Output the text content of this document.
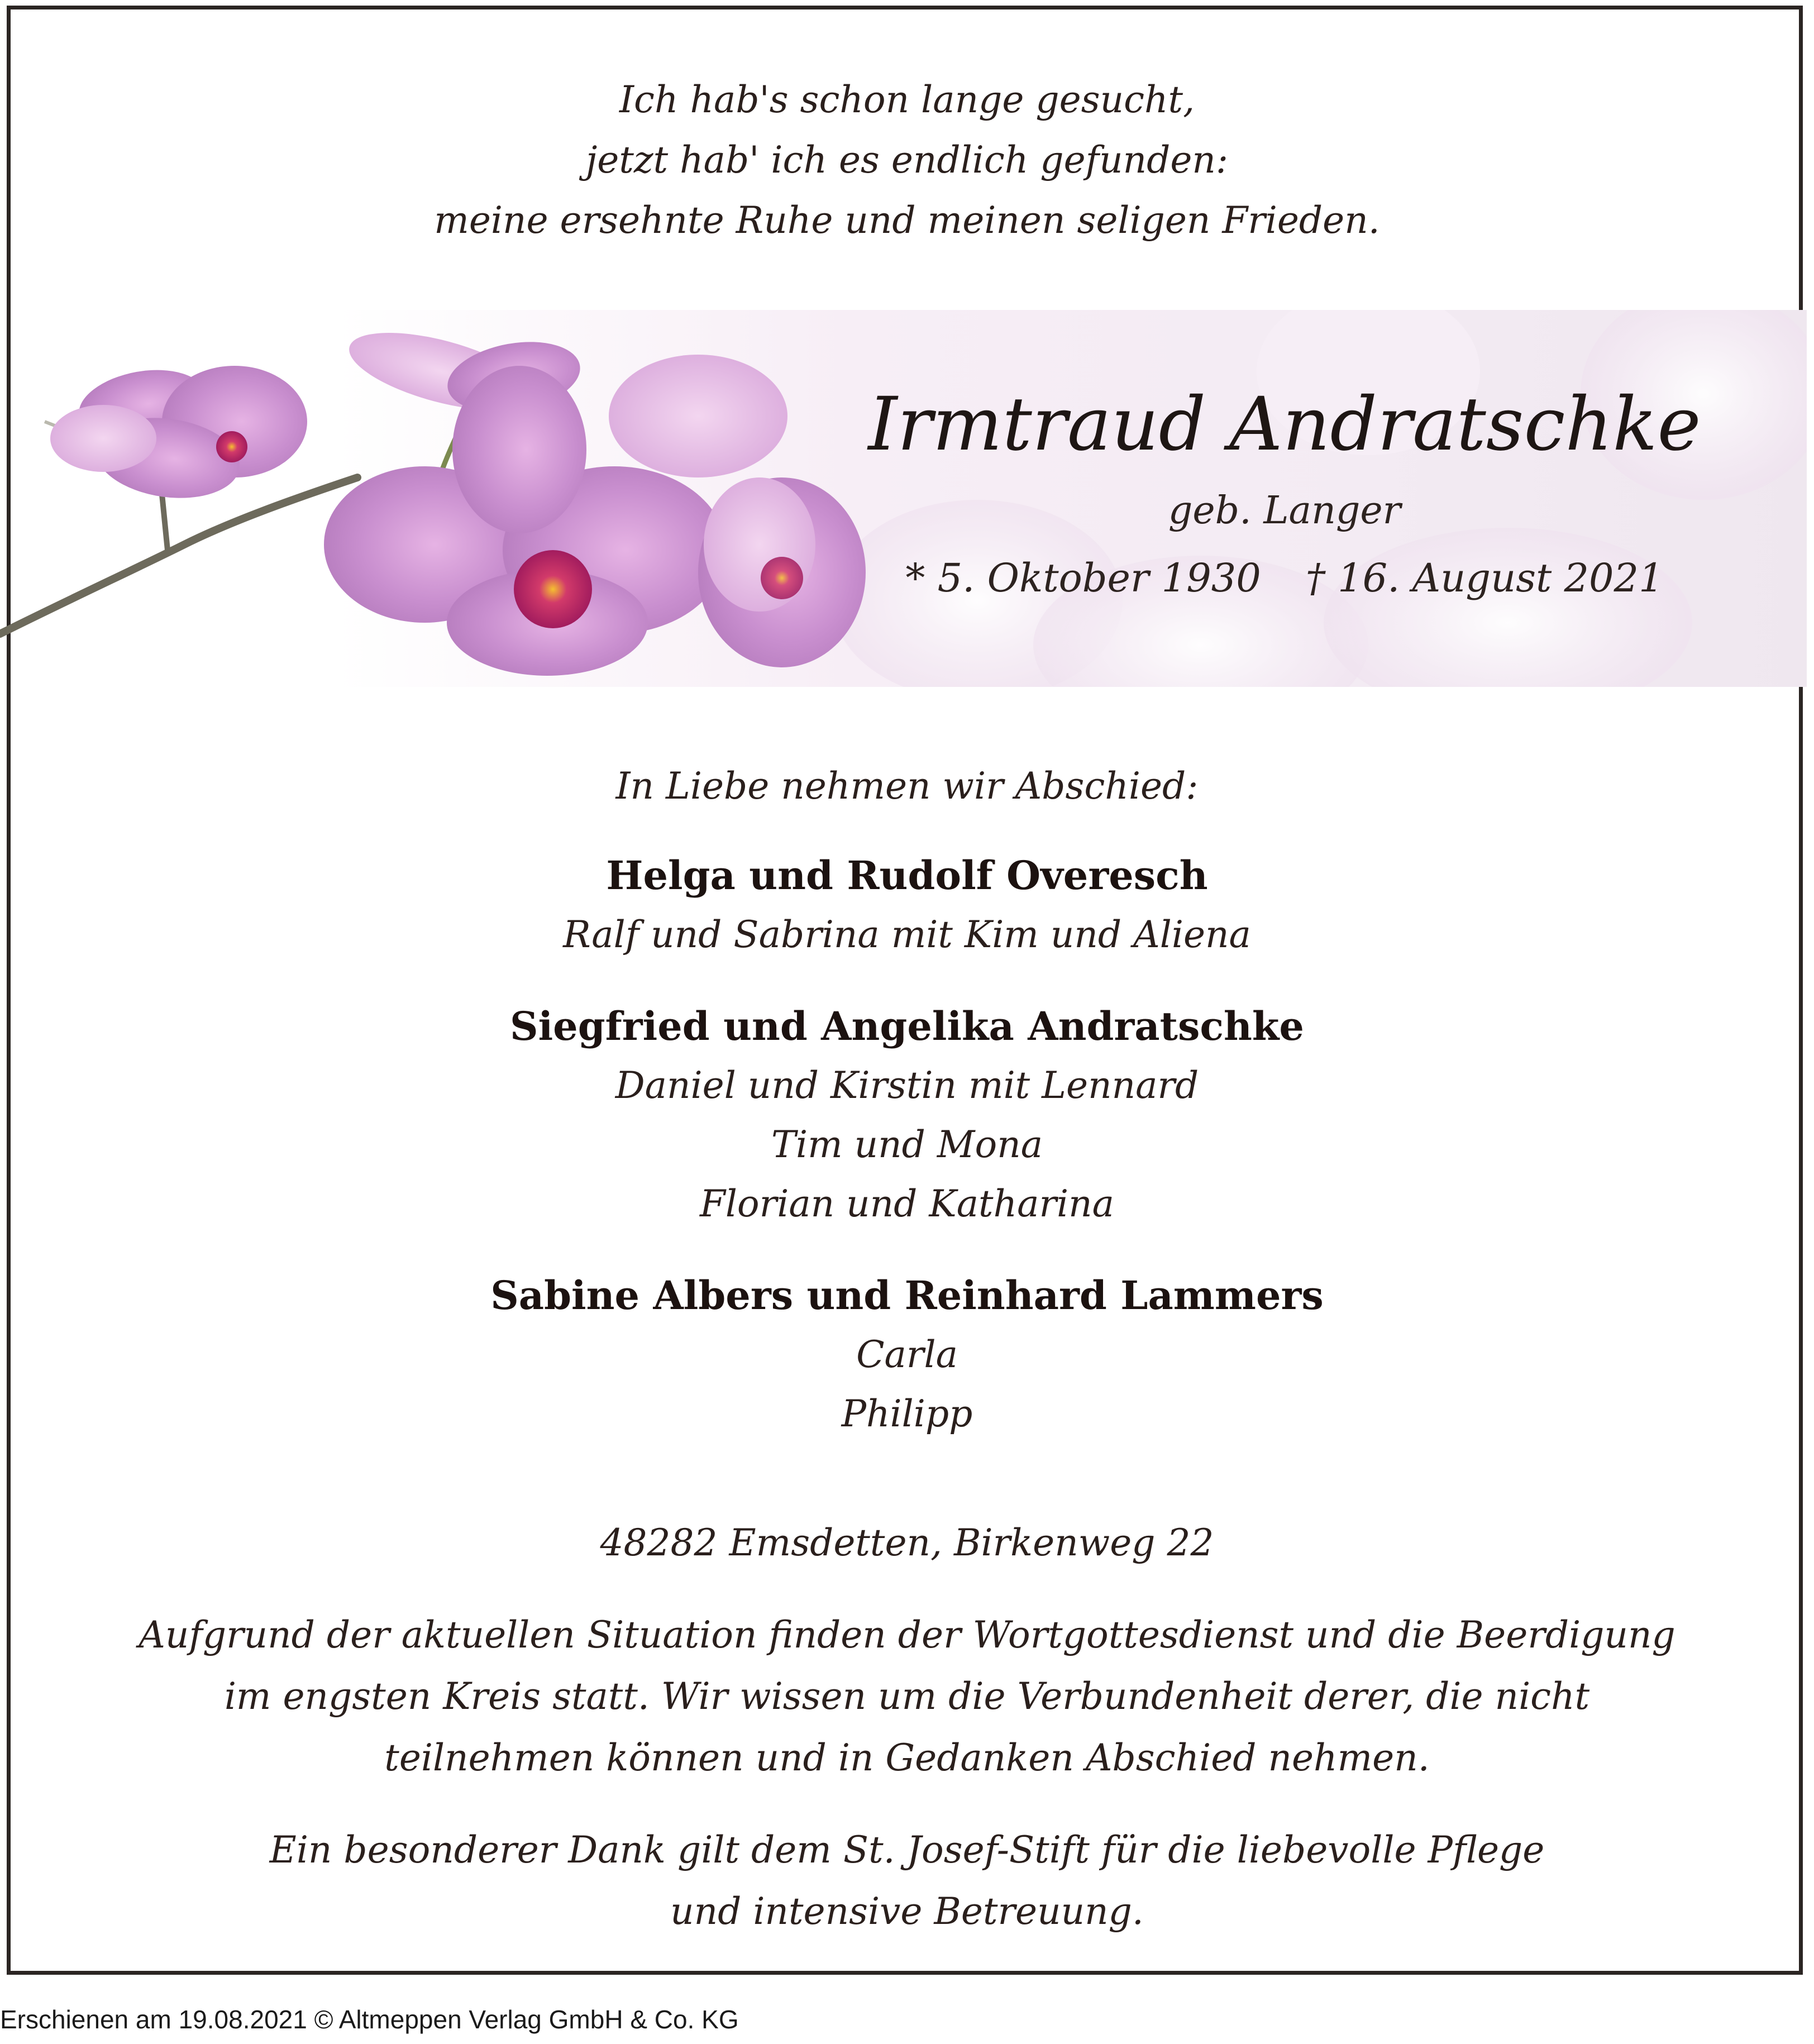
Ich hab's schon lange gesucht,

jetzt hab' ich es endlich gefunden:

meine ersehnte Ruhe und meinen seligen Frieden.

Irmtraud Andratschke

geb. Langer

* 5. Oktober 1930 † 16. August 2021

In Liebe nehmen wir Abschied:

Helga und Rudolf Overesch

Ralf und Sabrina mit Kim und Aliena

Siegfried und Angelika Andratschke

Daniel und Kirstin mit Lennard

Tim und Mona

Florian und Katharina

Sabine Albers und Reinhard Lammers

Carla

Philipp

48282 Emsdetten, Birkenweg 22

Aufgrund der aktuellen Situation finden der Wortgottesdienst und die Beerdigung

im engsten Kreis statt. Wir wissen um die Verbundenheit derer, die nicht

teilnehmen können und in Gedanken Abschied nehmen.

Ein besonderer Dank gilt dem St. Josef-Stift für die liebevolle Pflege

und intensive Betreuung.

Erschienen am 19.08.2021 © Altmeppen Verlag GmbH & Co. KG
